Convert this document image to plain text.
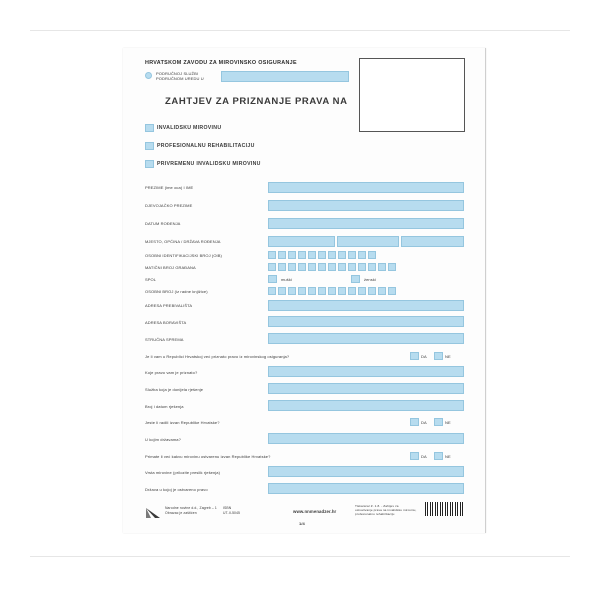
HRVATSKOM ZAVODU ZA MIROVINSKO OSIGURANJE
PODRUČNOJ SLUŽBI
PODRUČNOM UREDU U
ZAHTJEV ZA PRIZNANJE PRAVA NA
INVALIDSKU MIROVINU
PROFESIONALNU REHABILITACIJU
PRIVREMENU INVALIDSKU MIROVINU
PREZIME (ime oca) I IME
DJEVOJAČKO PREZIME
DATUM ROĐENJA
MJESTO, OPĆINA / DRŽAVA ROĐENJA
OSOBNI IDENTIFIKACIJSKI BROJ (OIB)
MATIČNI BROJ GRAĐANA
SPOL	muški	ženski
OSOBNI BROJ (iz radne knjižice)
ADRESA PREBIVALIŠTA
ADRESA BORAVIŠTA
STRUČNA SPREMA
Je li vam u Republici Hrvatskoj već priznato pravo iz mirovinskog osiguranja?	DA	NE
Koje pravo vam je priznato?
Služba koja je donijela rješenje
Broj i datum rješenja
Jeste li radili izvan Republike Hrvatske?	DA	NE
U kojim državama?
Primate li već kakvu mirovinu ostvarenu izvan Republike Hrvatske?	DA	NE
Vrsta mirovine (prilozite preslik rješenja)
Država u kojoj je ostvareno pravo
Narodne novine d.d., Zagreb – 1
Obrazac je zaštićen
ISBN
UT-II-5045	www.nnmenadzer.hr
Tiskanica/ Z. 1.8. - Zahtjev za
ostvarivanje prava na invalidsku mirovinu,
profesionalnu rehabilitaciju
1/4
